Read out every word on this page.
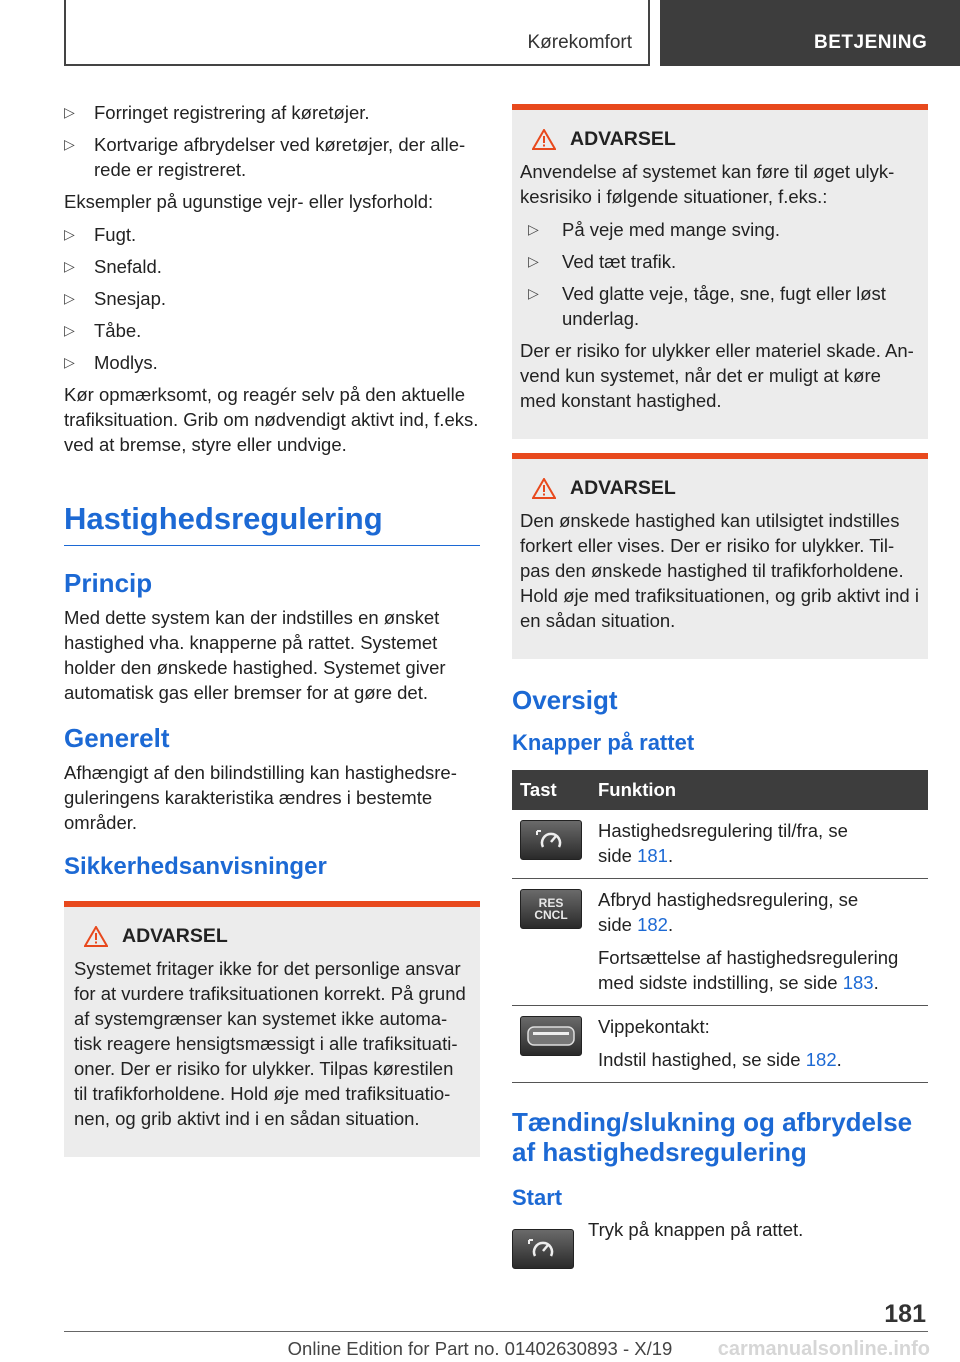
Kørekomfort	BETJENING
▷ Forringet registrering af køretøjer.
▷ Kortvarige afbrydelser ved køretøjer, der alle-rede er registreret.

Eksempler på ugunstige vejr- eller lysforhold:

▷ Fugt.
▷ Snefald.
▷ Snesjap.
▷ Tåbe.
▷ Modlys.

Kør opmærksomt, og reagér selv på den aktuelle trafiksituation. Grib om nødvendigt aktivt ind, f.eks. ved at bremse, styre eller undvige.

Hastighedsregulering
Princip

Med dette system kan der indstilles en ønsket hastighed vha. knapperne på rattet. Systemet holder den ønskede hastighed. Systemet giver automatisk gas eller bremser for at gøre det.

Generelt

Afhængigt af den bilindstilling kan hastighedsre-guleringens karakteristika ændres i bestemte områder.

Sikkerhedsanvisninger
ADVARSEL

Systemet fritager ikke for det personlige ansvar for at vurdere trafiksituationen korrekt. På grund af systemgrænser kan systemet ikke automa-tisk reagere hensigtsmæssigt i alle trafiksituati-oner. Der er risiko for ulykker. Tilpas kørestilen til trafikforholdene. Hold øje med trafiksituatio-nen, og grib aktivt ind i en sådan situation.

ADVARSEL

Anvendelse af systemet kan føre til øget ulyk-kesrisiko i følgende situationer, f.eks.:

▷ På veje med mange sving.
▷ Ved tæt trafik.
▷ Ved glatte veje, tåge, sne, fugt eller løst underlag.

Der er risiko for ulykker eller materiel skade. An-vend kun systemet, når det er muligt at køre med konstant hastighed.

ADVARSEL

Den ønskede hastighed kan utilsigtet indstilles forkert eller vises. Der er risiko for ulykker. Til-pas den ønskede hastighed til trafikforholdene. Hold øje med trafiksituationen, og grib aktivt ind i en sådan situation.

Oversigt
Knapper på rattet
Tast	Funktion

Hastighedsregulering til/fra, se
side 181.

RES CNCL	Afbryd hastighedsregulering, se
side 182.
Fortsættelse af hastighedsregulering med sidste indstilling, se side 183.

Vippekontakt:
Indstil hastighed, se side 182.
Tænding/slukning og afbrydelse af hastighedsregulering
Start

Tryk på knappen på rattet.

181
Online Edition for Part no. 01402630893 - X/19	carmanualsonline.info
